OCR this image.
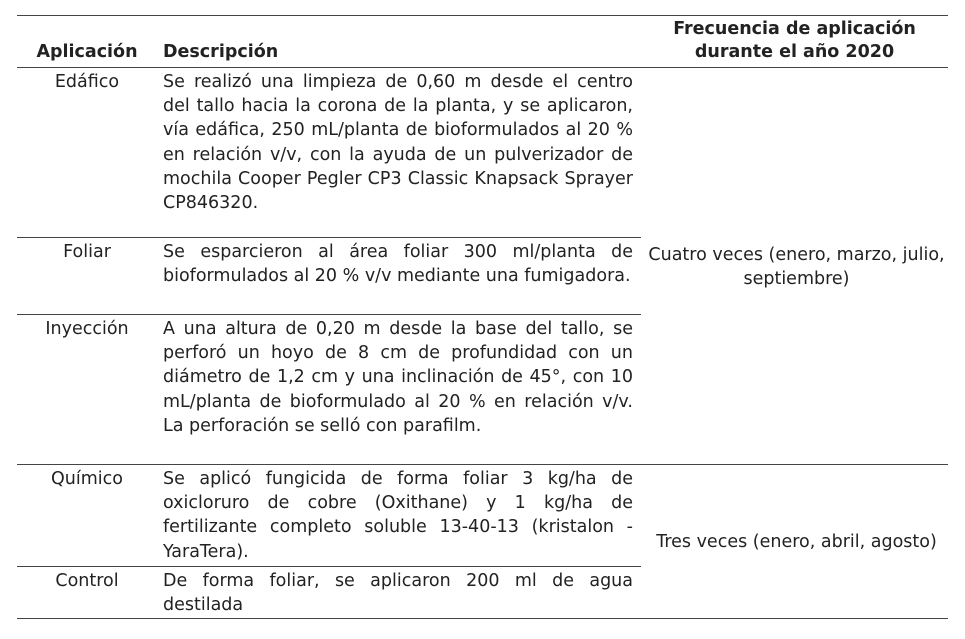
Aplicación	Descripción	Frecuencia de aplicación durante el año 2020
Edáfico	Se realizó una limpieza de 0,60 m desde el centro del tallo hacia la corona de la planta, y se aplicaron, vía edáfica, 250 mL/planta de bioformulados al 20 % en relación v/v, con la ayuda de un pulverizador de mochila Cooper Pegler CP3 Classic Knapsack Sprayer CP846320.	Cuatro veces (enero, marzo, julio, septiembre)
Foliar	Se esparcieron al área foliar 300 ml/planta de bioformulados al 20 % v/v mediante una fumigadora.	
Inyección	A una altura de 0,20 m desde la base del tallo, se perforó un hoyo de 8 cm de profundidad con un diámetro de 1,2 cm y una inclinación de 45°, con 10 mL/planta de bioformulado al 20 % en relación v/v. La perforación se selló con parafilm.	
Químico	Se aplicó fungicida de forma foliar 3 kg/ha de oxicloruro de cobre (Oxithane) y 1 kg/ha de fertilizante completo soluble 13-40-13 (kristalon - YaraTera).	Tres veces (enero, abril, agosto)
Control	De forma foliar, se aplicaron 200 ml de agua destilada	
